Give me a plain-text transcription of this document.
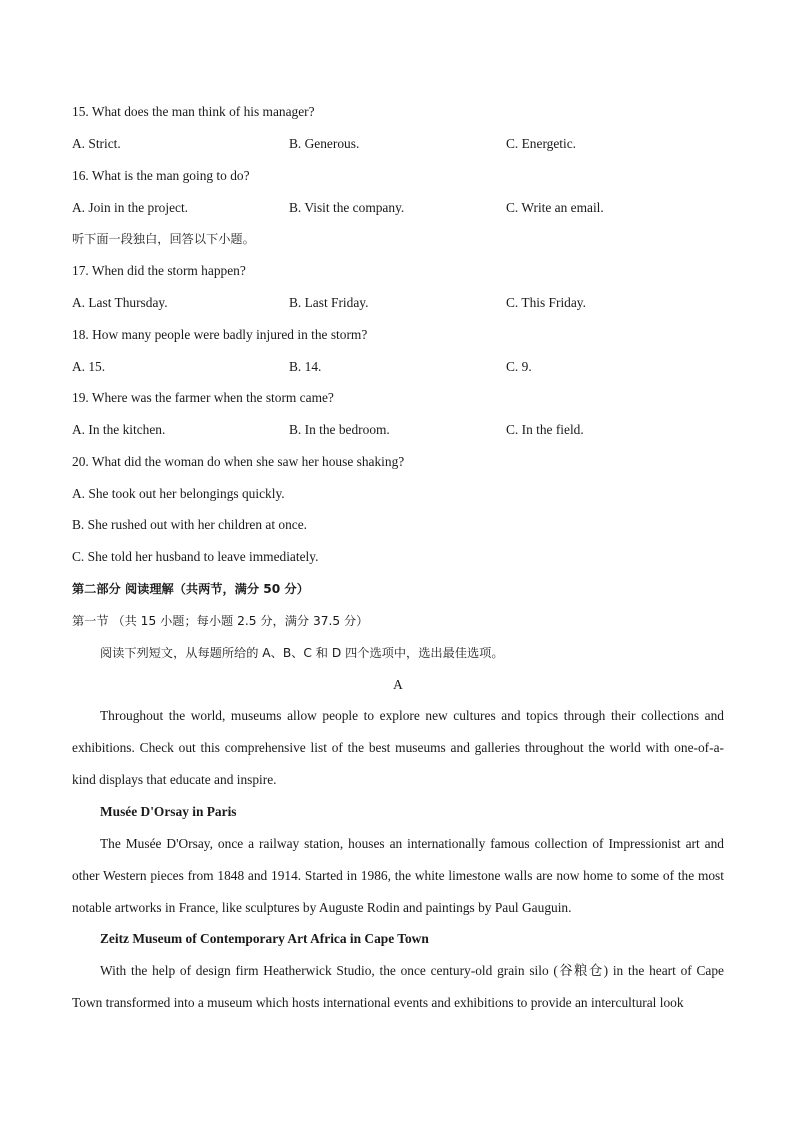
15. What does the man think of his manager?
A. Strict.	B. Generous.	C. Energetic.
16. What is the man going to do?
A. Join in the project.	B. Visit the company.	C. Write an email.
听下面一段独白，回答以下小题。
17. When did the storm happen?
A. Last Thursday.	B. Last Friday.	C. This Friday.
18. How many people were badly injured in the storm?
A. 15.	B. 14.	C. 9.
19. Where was the farmer when the storm came?
A. In the kitchen.	B. In the bedroom.	C. In the field.
20. What did the woman do when she saw her house shaking?
A. She took out her belongings quickly.
B. She rushed out with her children at once.
C. She told her husband to leave immediately.
第二部分 阅读理解（共两节，满分 50 分）
第一节 （共 15 小题；每小题 2.5 分，满分 37.5 分）
阅读下列短文，从每题所给的 A、B、C 和 D 四个选项中，选出最佳选项。
A
Throughout the world, museums allow people to explore new cultures and topics through their collections and exhibitions. Check out this comprehensive list of the best museums and galleries throughout the world with one-of-a-kind displays that educate and inspire.
Musée D'Orsay in Paris
The Musée D'Orsay, once a railway station, houses an internationally famous collection of Impressionist art and other Western pieces from 1848 and 1914. Started in 1986, the white limestone walls are now home to some of the most notable artworks in France, like sculptures by Auguste Rodin and paintings by Paul Gauguin.
Zeitz Museum of Contemporary Art Africa in Cape Town
With the help of design firm Heatherwick Studio, the once century-old grain silo (谷粮仓) in the heart of Cape Town transformed into a museum which hosts international events and exhibitions to provide an intercultural look
